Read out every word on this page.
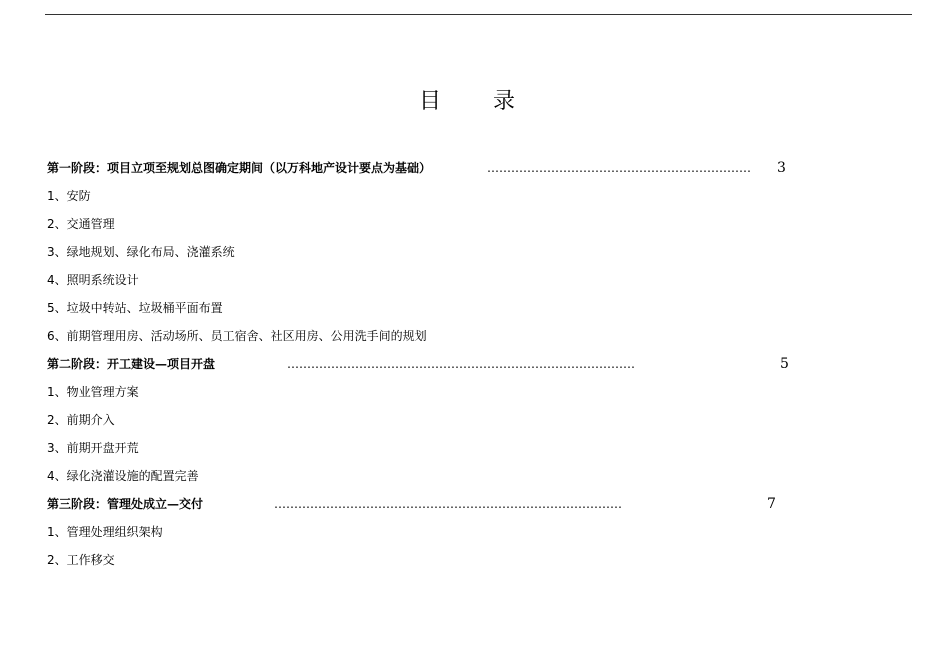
目 录
第一阶段：项目立项至规划总图确定期间（以万科地产设计要点为基础）	………………………………………………………… 3
1、安防
2、交通管理
3、绿地规划、绿化布局、浇灌系统
4、照明系统设计
5、垃圾中转站、垃圾桶平面布置
6、前期管理用房、活动场所、员工宿舍、社区用房、公用洗手间的规划
第二阶段：开工建设—项目开盘	……………………………………………………………………………	5
1、物业管理方案
2、前期介入
3、前期开盘开荒
4、绿化浇灌设施的配置完善
第三阶段：管理处成立—交付	……………………………………………………………………………	7
1、管理处理组织架构
2、工作移交
